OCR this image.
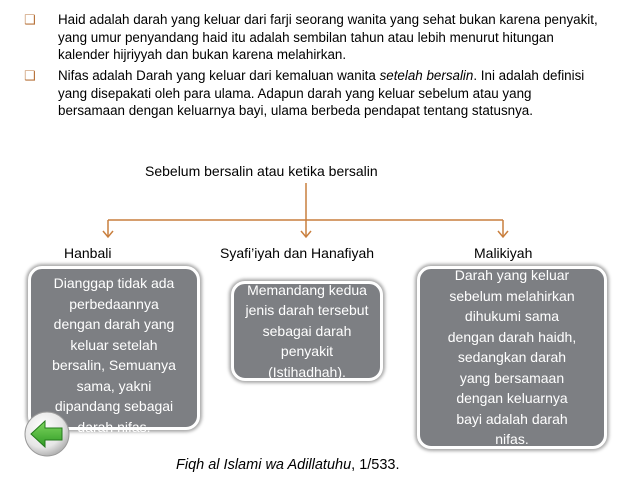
❑ Haid adalah darah yang keluar dari farji seorang wanita yang sehat bukan karena penyakit, yang umur penyandang haid itu adalah sembilan tahun atau lebih menurut hitungan kalender hijriyyah dan bukan karena melahirkan.
❑ Nifas adalah Darah yang keluar dari kemaluan wanita setelah bersalin. Ini adalah definisi yang disepakati oleh para ulama. Adapun darah yang keluar sebelum atau yang bersamaan dengan keluarnya bayi, ulama berbeda pendapat tentang statusnya.
Sebelum bersalin atau ketika bersalin
Hanbali	Syafi’iyah dan Hanafiyah	Malikiyah
Dianggap tidak ada
perbedaannya
dengan darah yang
keluar setelah
bersalin, Semuanya
sama, yakni
dipandang sebagai
darah nifas.
Memandang kedua
jenis darah tersebut
sebagai darah
penyakit
(Istihadhah).
Darah yang keluar
sebelum melahirkan
dihukumi sama
dengan darah haidh,
sedangkan darah
yang bersamaan
dengan keluarnya
bayi adalah darah
nifas.
Fiqh al Islami wa Adillatuhu, 1/533.
